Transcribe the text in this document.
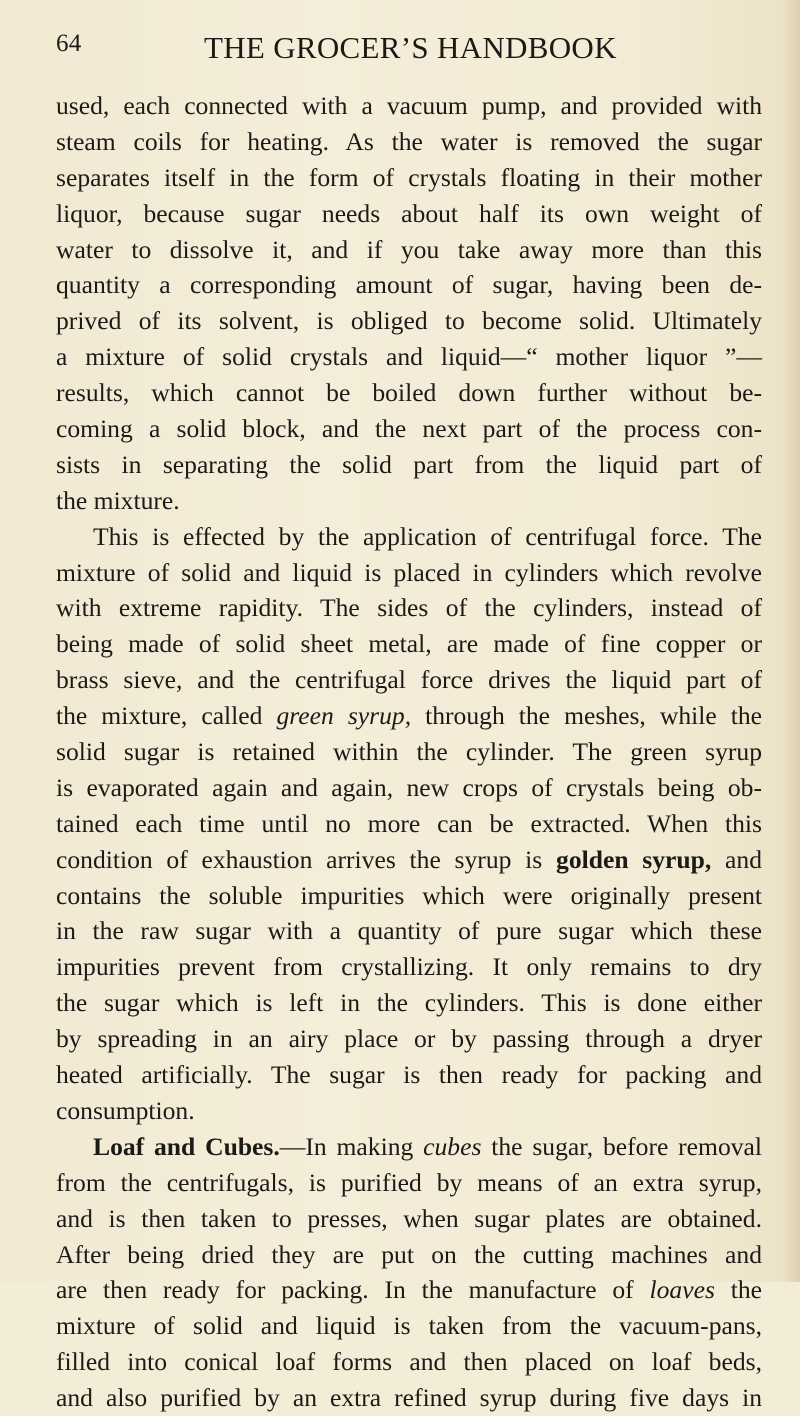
64	THE GROCER’S HANDBOOK
used, each connected with a vacuum pump, and provided with
steam coils for heating. As the water is removed the sugar
separates itself in the form of crystals floating in their mother
liquor, because sugar needs about half its own weight of
water to dissolve it, and if you take away more than this
quantity a corresponding amount of sugar, having been de-
prived of its solvent, is obliged to become solid. Ultimately
a mixture of solid crystals and liquid—“ mother liquor ”—
results, which cannot be boiled down further without be-
coming a solid block, and the next part of the process con-
sists in separating the solid part from the liquid part of
the mixture.
This is effected by the application of centrifugal force. The
mixture of solid and liquid is placed in cylinders which revolve
with extreme rapidity. The sides of the cylinders, instead of
being made of solid sheet metal, are made of fine copper or
brass sieve, and the centrifugal force drives the liquid part of
the mixture, called green syrup, through the meshes, while the
solid sugar is retained within the cylinder. The green syrup
is evaporated again and again, new crops of crystals being ob-
tained each time until no more can be extracted. When this
condition of exhaustion arrives the syrup is golden syrup, and
contains the soluble impurities which were originally present
in the raw sugar with a quantity of pure sugar which these
impurities prevent from crystallizing. It only remains to dry
the sugar which is left in the cylinders. This is done either
by spreading in an airy place or by passing through a dryer
heated artificially. The sugar is then ready for packing and
consumption.
Loaf and Cubes.—In making cubes the sugar, before removal
from the centrifugals, is purified by means of an extra syrup,
and is then taken to presses, when sugar plates are obtained.
After being dried they are put on the cutting machines and
are then ready for packing. In the manufacture of loaves the
mixture of solid and liquid is taken from the vacuum-pans,
filled into conical loaf forms and then placed on loaf beds,
and also purified by an extra refined syrup during five days in
